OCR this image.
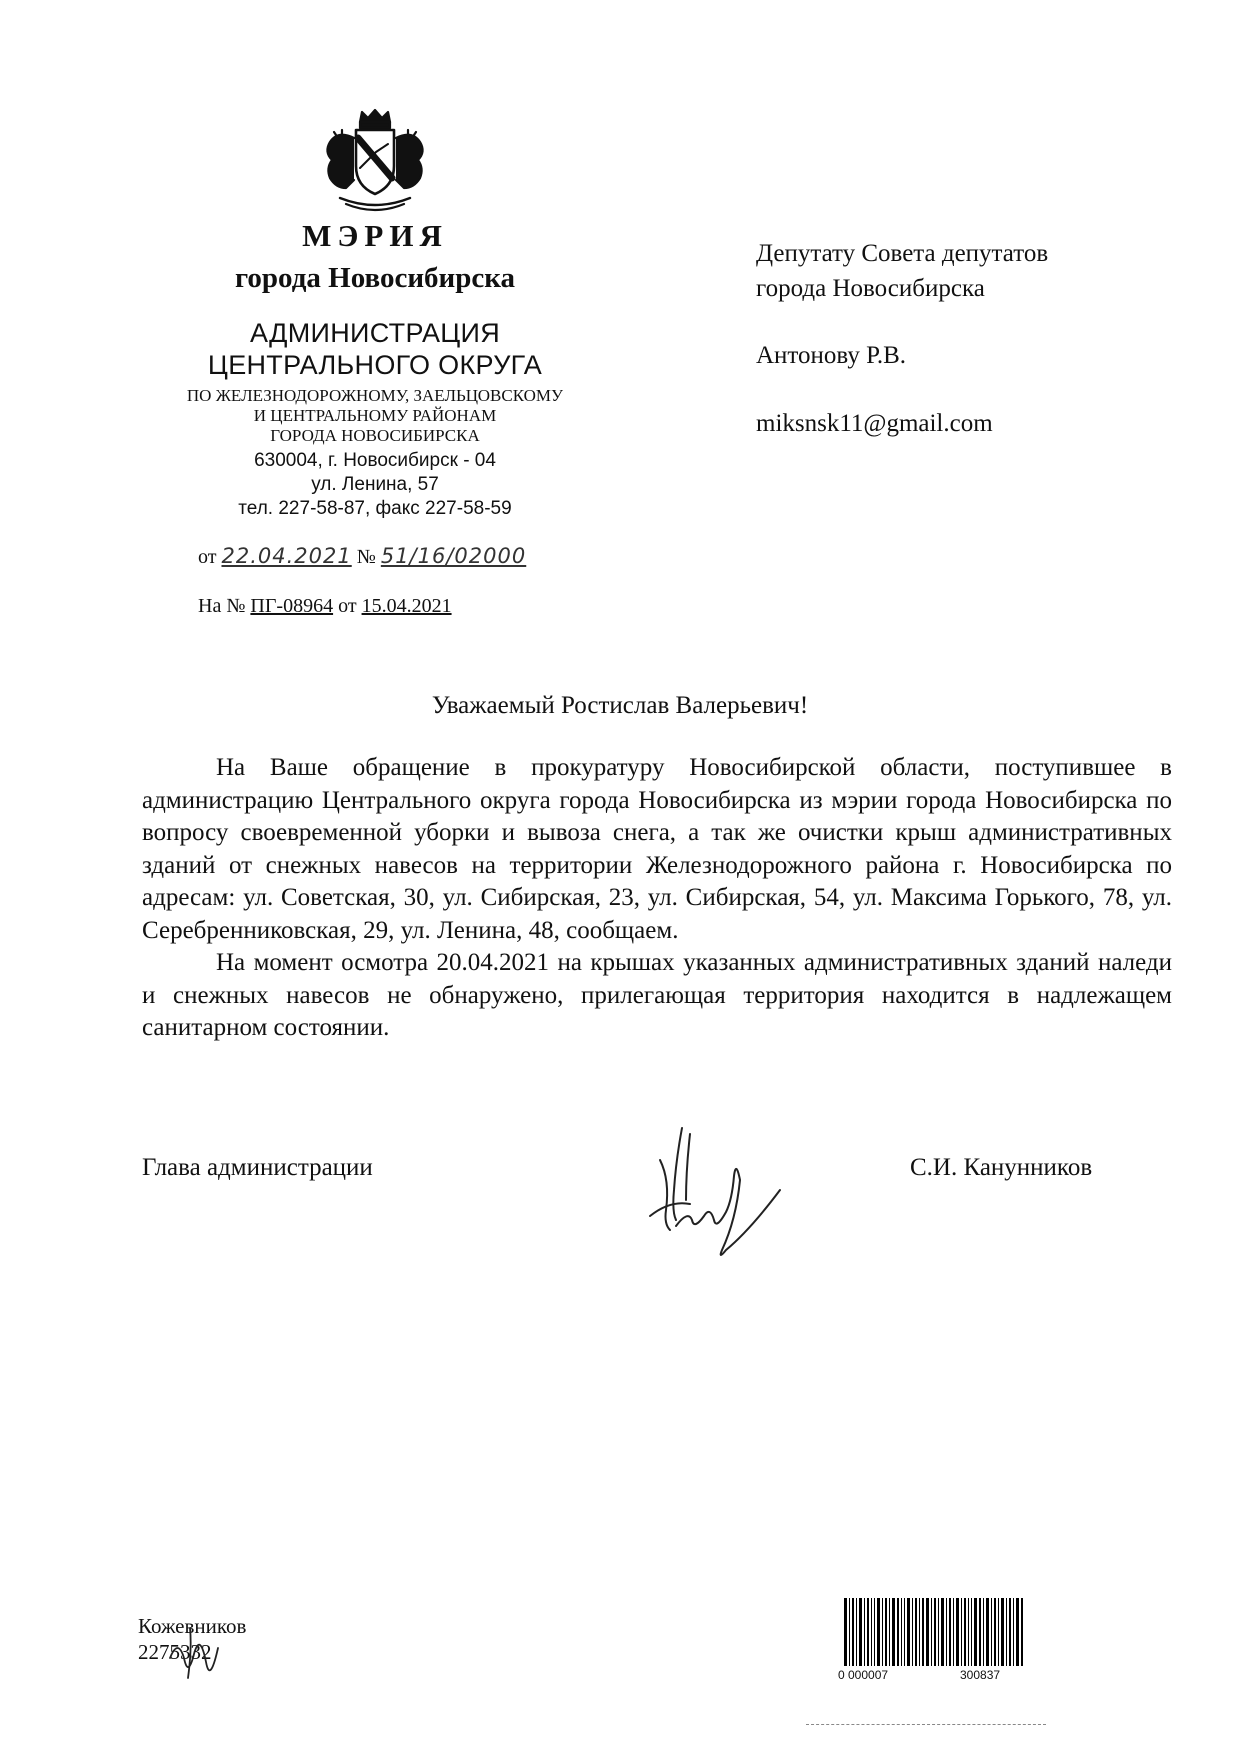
МЭРИЯ
города Новосибирска
АДМИНИСТРАЦИЯ
ЦЕНТРАЛЬНОГО ОКРУГА
ПО ЖЕЛЕЗНОДОРОЖНОМУ, ЗАЕЛЬЦОВСКОМУ
И ЦЕНТРАЛЬНОМУ РАЙОНАМ
ГОРОДА НОВОСИБИРСКА
630004, г. Новосибирск - 04
ул. Ленина, 57
тел. 227-58-87, факс 227-58-59
от 22.04.2021 № 51/16/02000
На № ПГ-08964 от 15.04.2021
Депутату Совета депутатов
города Новосибирска
Антонову Р.В.
miksnsk11@gmail.com
Уважаемый Ростислав Валерьевич!

На Ваше обращение в прокуратуру Новосибирской области, поступившее в администрацию Центрального округа города Новосибирска из мэрии города Новосибирска по вопросу своевременной уборки и вывоза снега, а так же очистки крыш административных зданий от снежных навесов на территории Железнодорожного района г. Новосибирска по адресам: ул. Советская, 30, ул. Сибирская, 23, ул. Сибирская, 54, ул. Максима Горького, 78, ул. Серебренниковская, 29, ул. Ленина, 48, сообщаем.

На момент осмотра 20.04.2021 на крышах указанных административных зданий наледи и снежных навесов не обнаружено, прилегающая территория находится в надлежащем санитарном состоянии.

Глава администрации	С.И. Канунников
Кожевников
2275332
0 000007	300837
